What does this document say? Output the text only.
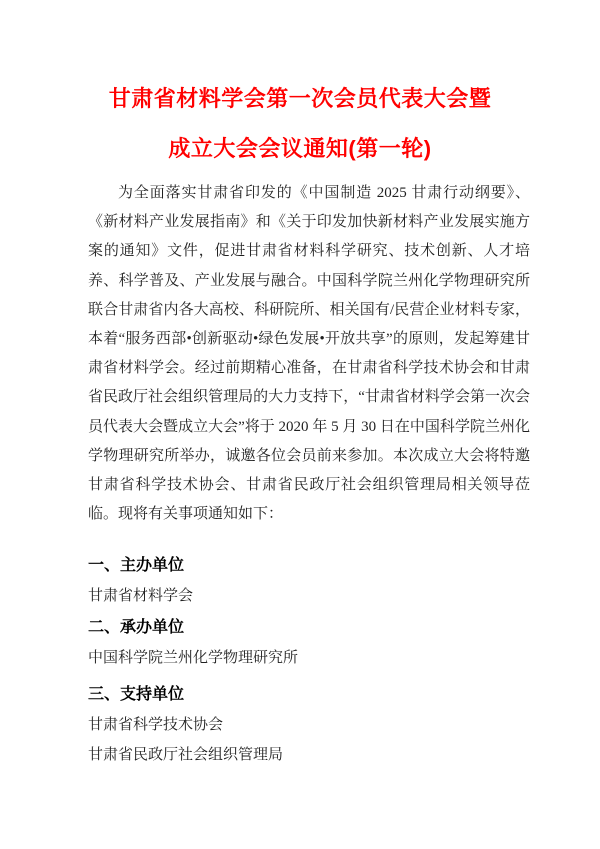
甘肃省材料学会第一次会员代表大会暨
成立大会会议通知(第一轮)

为全面落实甘肃省印发的《中国制造 2025 甘肃行动纲要》、《新材料产业发展指南》和《关于印发加快新材料产业发展实施方案的通知》文件，促进甘肃省材料科学研究、技术创新、人才培养、科学普及、产业发展与融合。中国科学院兰州化学物理研究所联合甘肃省内各大高校、科研院所、相关国有/民营企业材料专家，本着“服务西部•创新驱动•绿色发展•开放共享”的原则，发起筹建甘肃省材料学会。经过前期精心准备，在甘肃省科学技术协会和甘肃省民政厅社会组织管理局的大力支持下，“甘肃省材料学会第一次会员代表大会暨成立大会”将于 2020 年 5 月 30 日在中国科学院兰州化学物理研究所举办，诚邀各位会员前来参加。本次成立大会将特邀甘肃省科学技术协会、甘肃省民政厅社会组织管理局相关领导莅临。现将有关事项通知如下：

一、主办单位
甘肃省材料学会
二、承办单位
中国科学院兰州化学物理研究所
三、支持单位
甘肃省科学技术协会
甘肃省民政厅社会组织管理局
